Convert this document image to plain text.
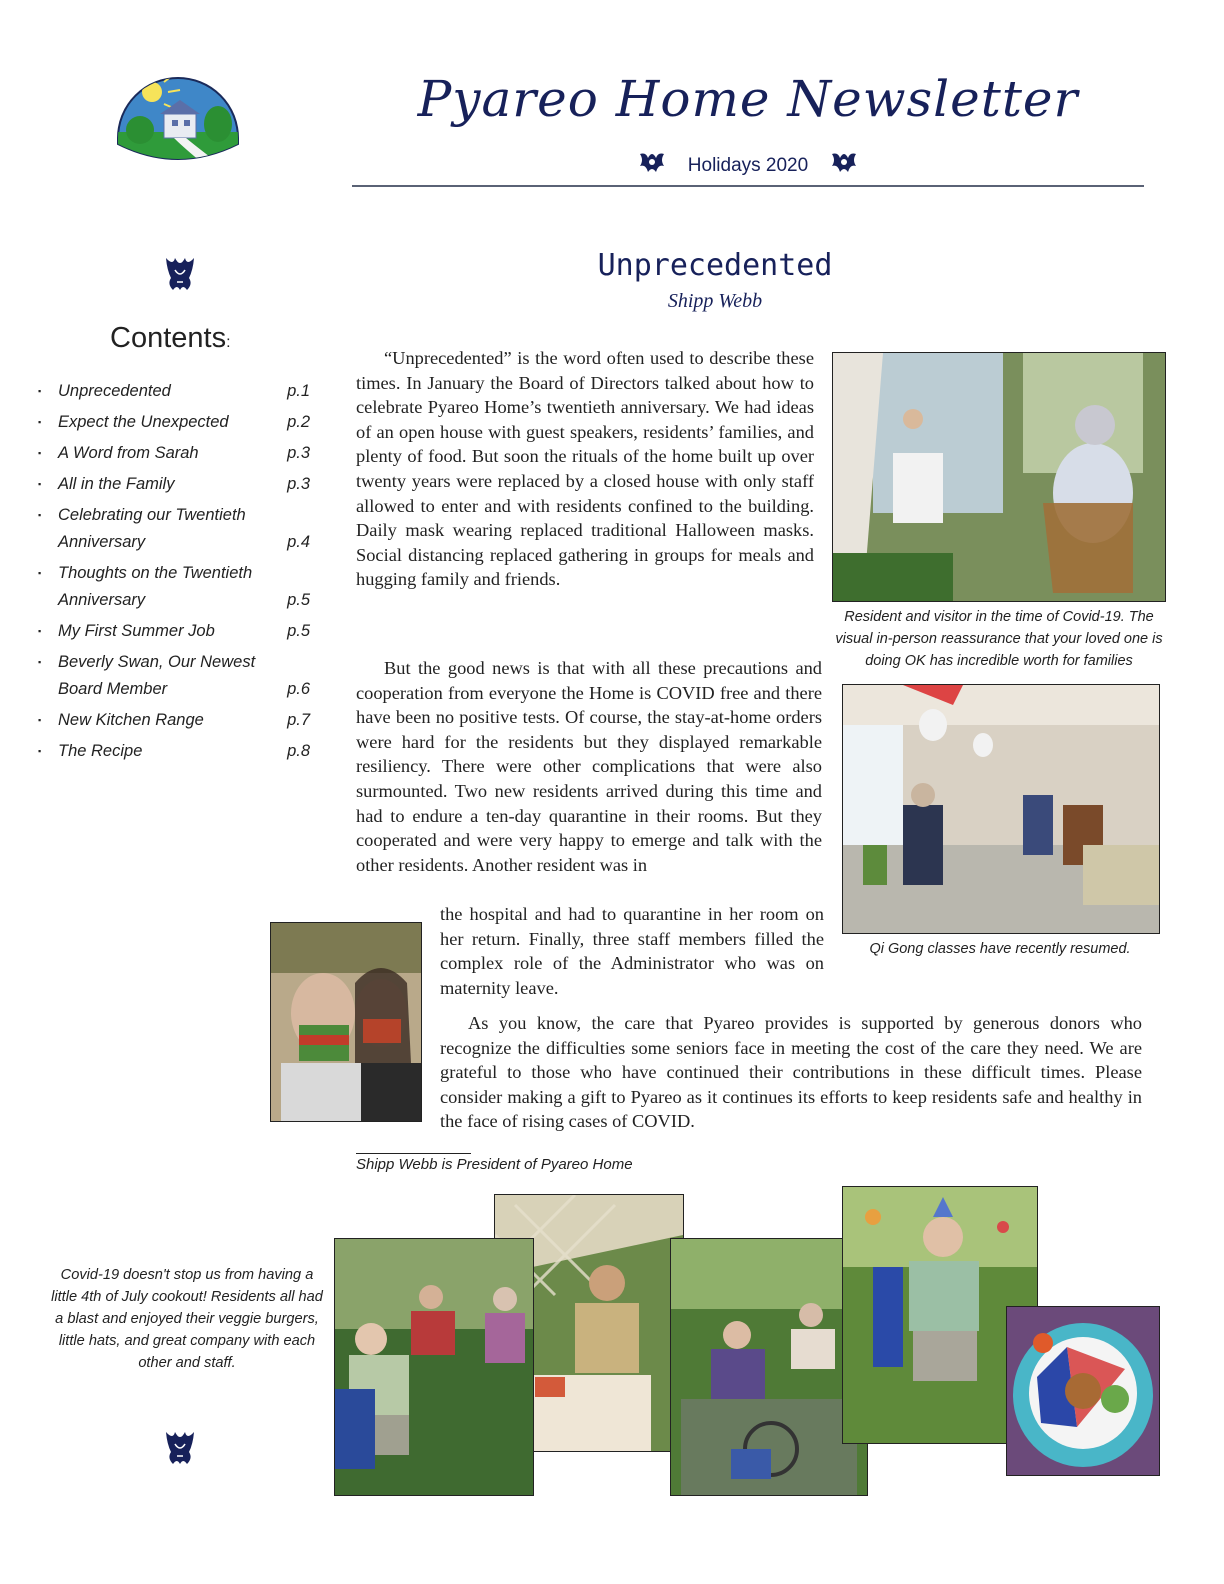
Pyareo Home Newsletter
Holidays 2020
Contents:
▪ Unprecedented	p.1
▪ Expect the Unexpected	p.2
▪ A Word from Sarah	p.3
▪ All in the Family	p.3
▪ Celebrating our Twentieth Anniversary	p.4
▪ Thoughts on the Twentieth Anniversary	p.5
▪ My First Summer Job	p.5
▪ Beverly Swan, Our Newest Board Member	p.6
▪ New Kitchen Range	p.7
▪ The Recipe	p.8
Unprecedented
Shipp Webb

“Unprecedented” is the word often used to describe these times. In January the Board of Directors talked about how to celebrate Pyareo Home’s twentieth anniversary. We had ideas of an open house with guest speakers, residents’ families, and plenty of food. But soon the rituals of the home built up over twenty years were replaced by a closed house with only staff allowed to enter and with residents confined to the building. Daily mask wearing replaced traditional Halloween masks. Social distancing replaced gathering in groups for meals and hugging family and friends.

But the good news is that with all these precautions and cooperation from everyone the Home is COVID free and there have been no positive tests. Of course, the stay-at-home orders were hard for the residents but they displayed remarkable resiliency. There were other complications that were also surmounted. Two new residents arrived during this time and had to endure a ten-day quarantine in their rooms. But they cooperated and were very happy to emerge and talk with the other residents. Another resident was in

the hospital and had to quarantine in her room on her return. Finally, three staff members filled the complex role of the Administrator who was on maternity leave.

As you know, the care that Pyareo provides is supported by generous donors who recognize the difficulties some seniors face in meeting the cost of the care they need. We are grateful to those who have continued their contributions in these difficult times. Please consider making a gift to Pyareo as it continues its efforts to keep residents safe and healthy in the face of rising cases of COVID.

Shipp Webb is President of Pyareo Home
Resident and visitor in the time of Covid-19. The visual in-person reassurance that your loved one is doing OK has incredible worth for families
Qi Gong classes have recently resumed.
Covid-19 doesn't stop us from having a little 4th of July cookout! Residents all had a blast and enjoyed their veggie burgers, little hats, and great company with each other and staff.
